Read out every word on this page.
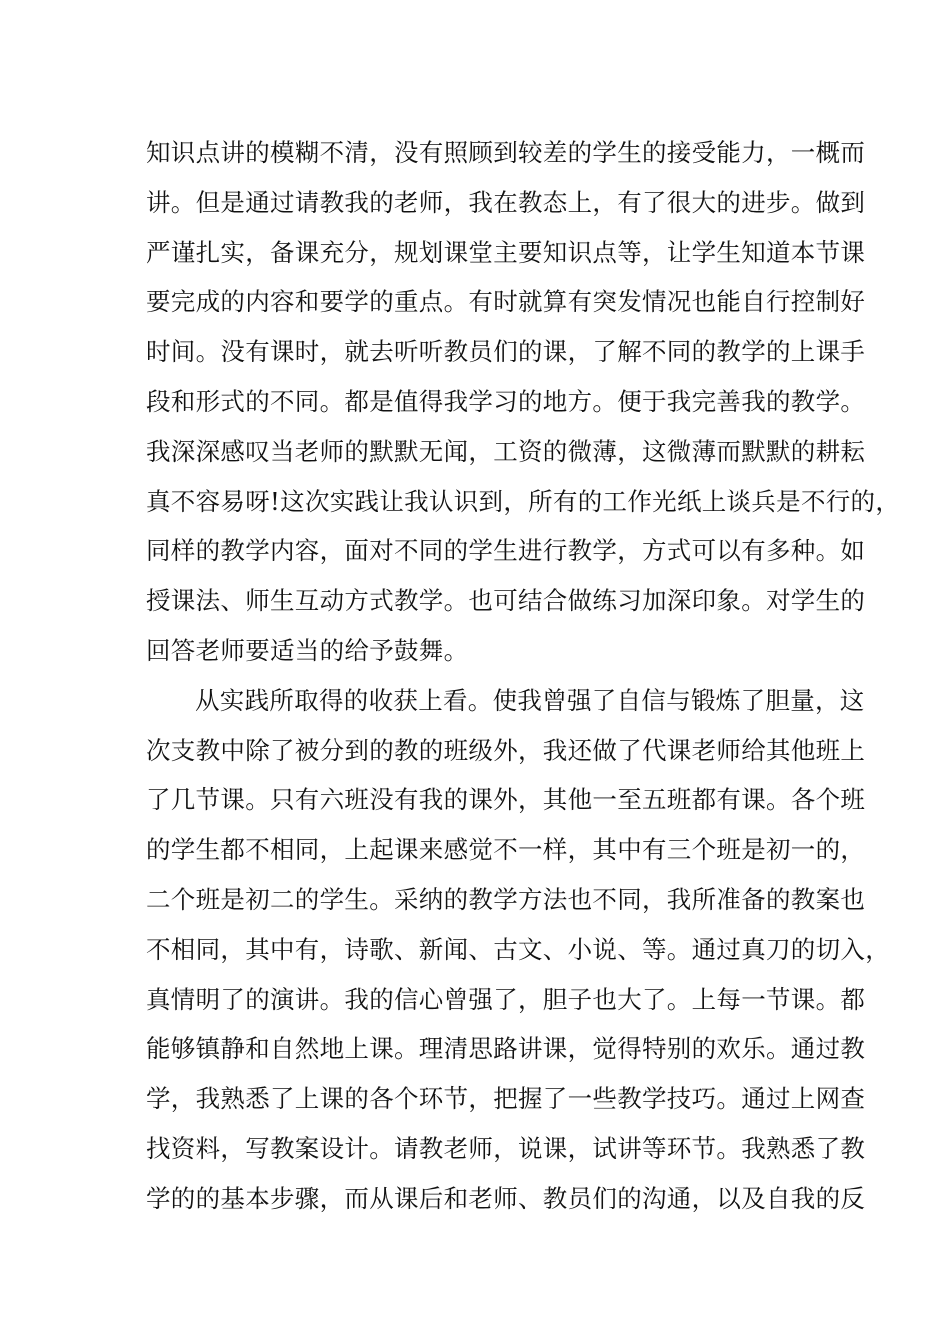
知识点讲的模糊不清，没有照顾到较差的学生的接受能力，一概而
讲。但是通过请教我的老师，我在教态上，有了很大的进步。做到
严谨扎实，备课充分，规划课堂主要知识点等，让学生知道本节课
要完成的内容和要学的重点。有时就算有突发情况也能自行控制好
时间。没有课时，就去听听教员们的课，了解不同的教学的上课手
段和形式的不同。都是值得我学习的地方。便于我完善我的教学。
我深深感叹当老师的默默无闻，工资的微薄，这微薄而默默的耕耘
真不容易呀!这次实践让我认识到，所有的工作光纸上谈兵是不行的，
同样的教学内容，面对不同的学生进行教学，方式可以有多种。如
授课法、师生互动方式教学。也可结合做练习加深印象。对学生的
回答老师要适当的给予鼓舞。
从实践所取得的收获上看。使我曾强了自信与锻炼了胆量，这
次支教中除了被分到的教的班级外，我还做了代课老师给其他班上
了几节课。只有六班没有我的课外，其他一至五班都有课。各个班
的学生都不相同，上起课来感觉不一样，其中有三个班是初一的，
二个班是初二的学生。采纳的教学方法也不同，我所准备的教案也
不相同，其中有，诗歌、新闻、古文、小说、等。通过真刀的切入，
真情明了的演讲。我的信心曾强了，胆子也大了。上每一节课。都
能够镇静和自然地上课。理清思路讲课，觉得特别的欢乐。通过教
学，我熟悉了上课的各个环节，把握了一些教学技巧。通过上网查
找资料，写教案设计。请教老师，说课，试讲等环节。我熟悉了教
学的的基本步骤，而从课后和老师、教员们的沟通，以及自我的反
